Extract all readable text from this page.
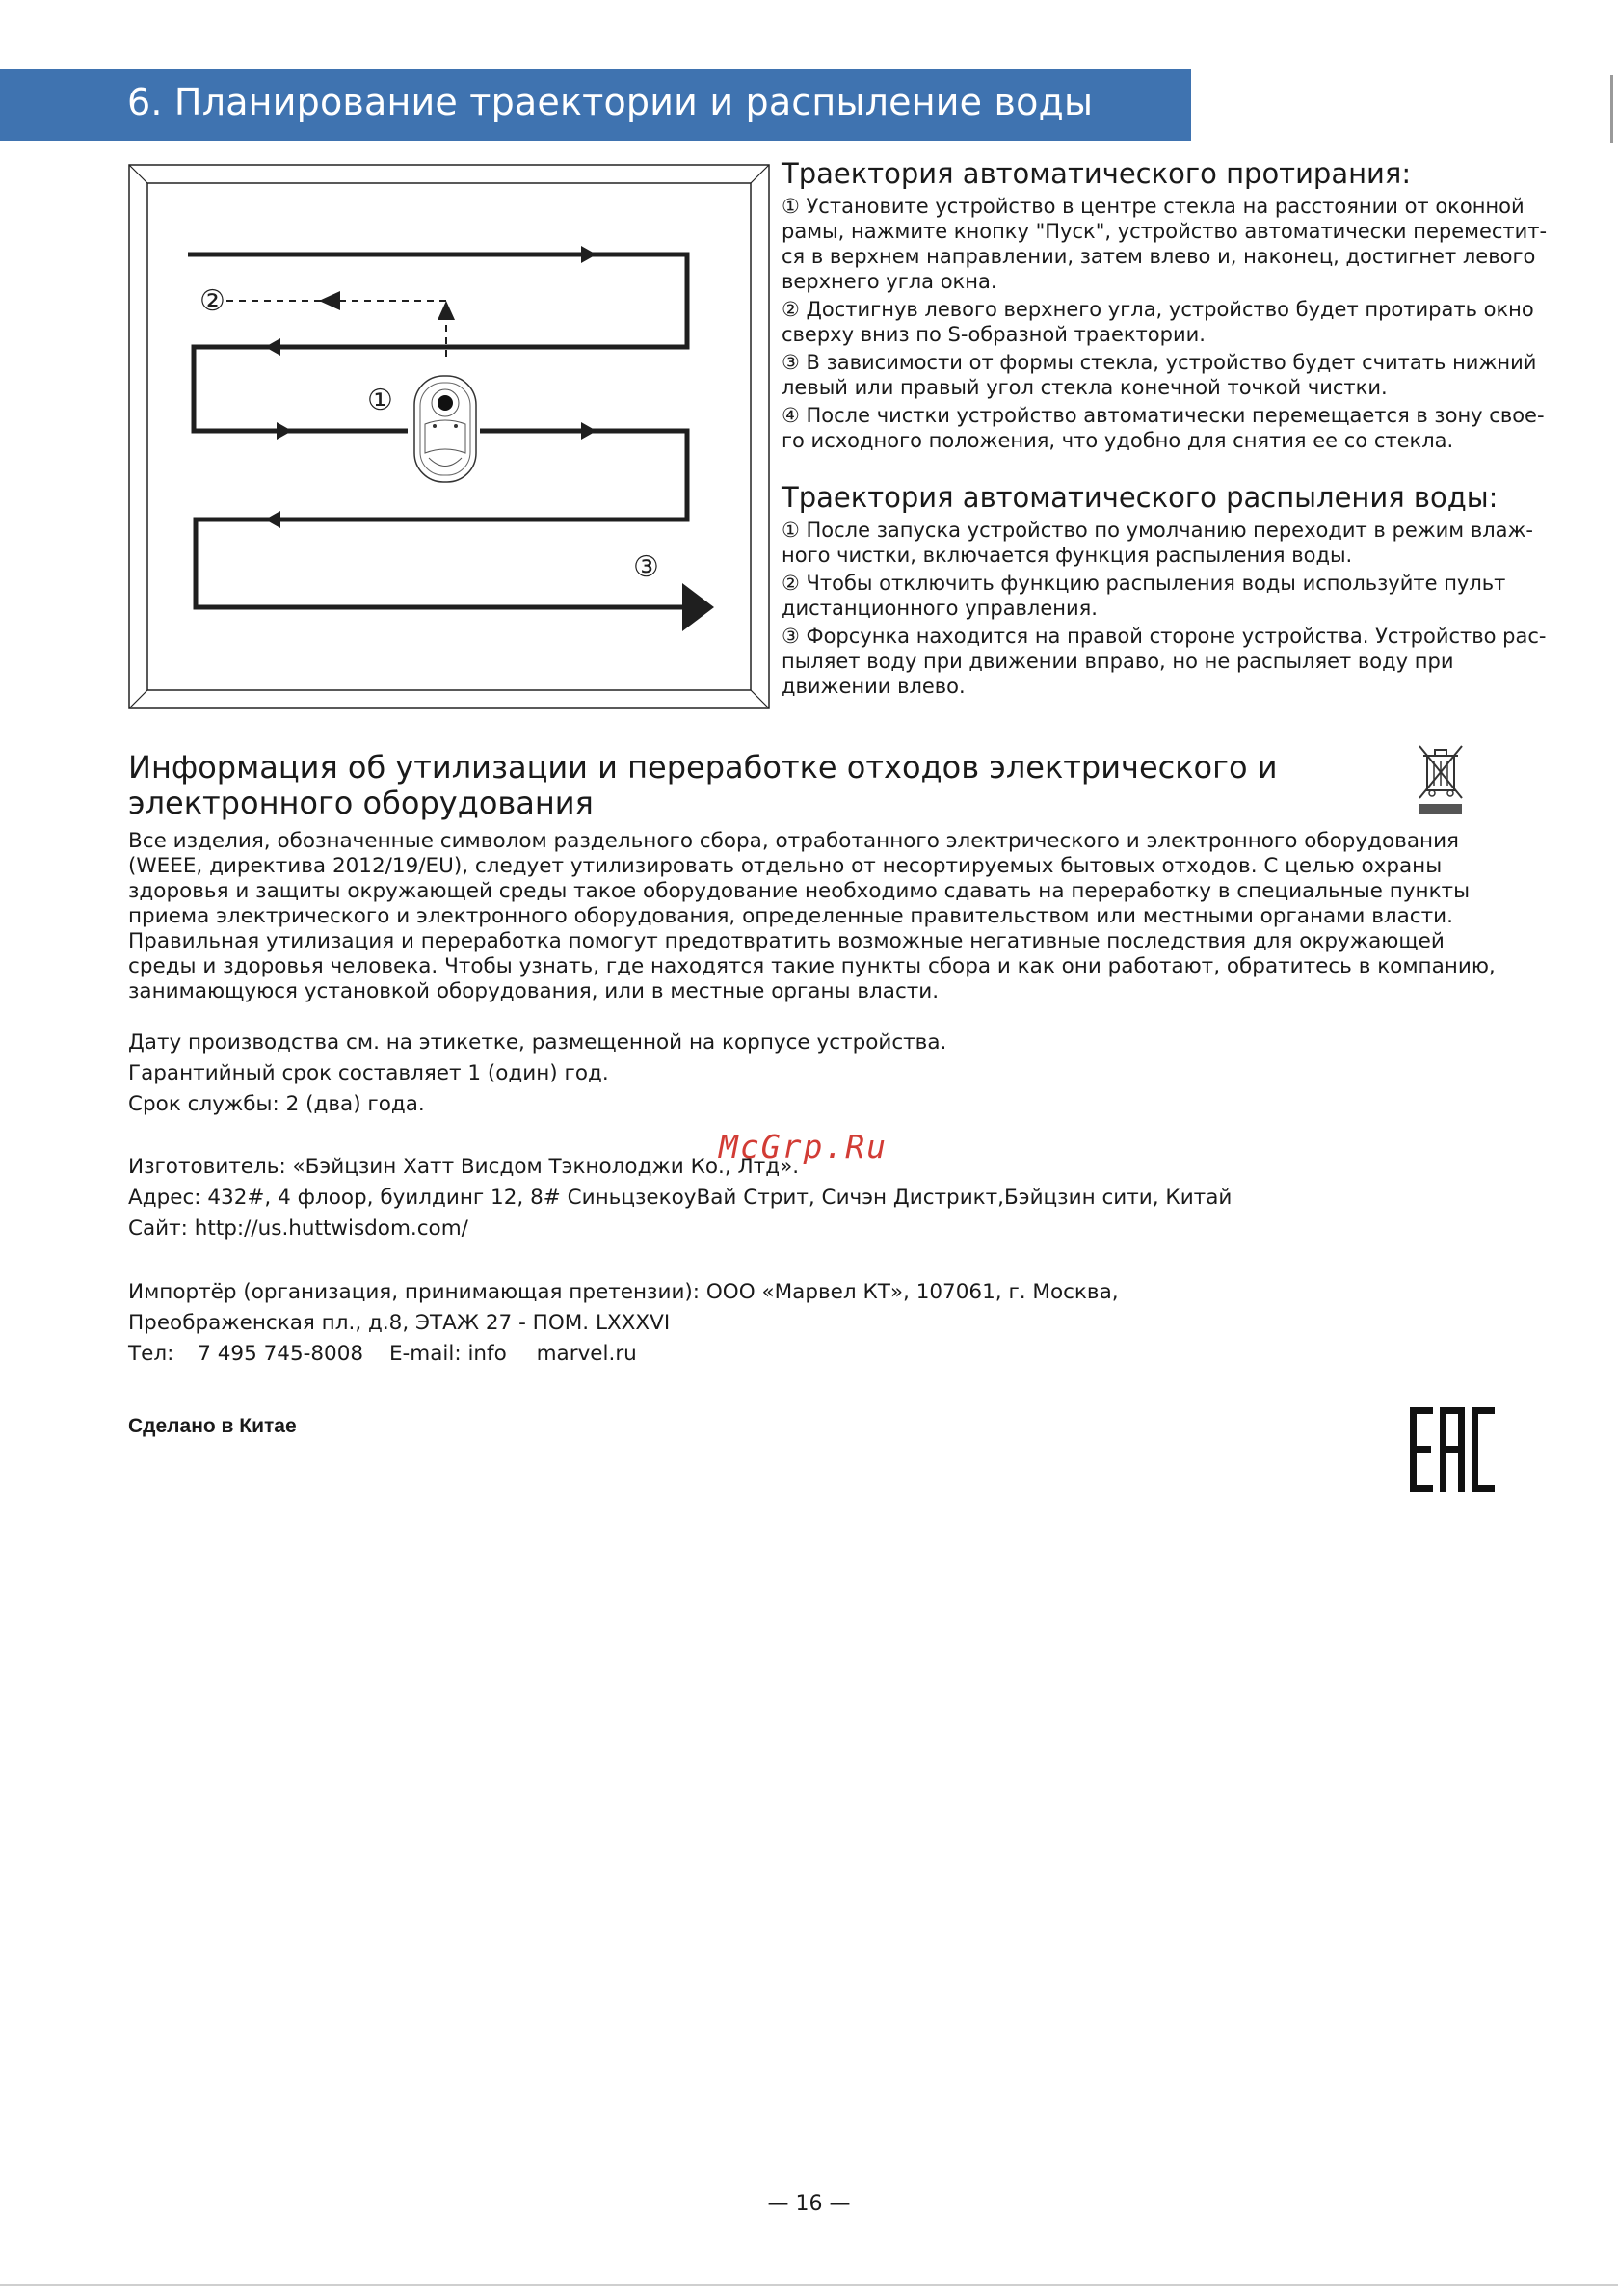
6. Планирование траектории и распыление воды
②
①
③
Траектория автоматического протирания:

① Установите устройство в центре стекла на расстоянии от оконной рамы, нажмите кнопку "Пуск", устройство автоматически переместит-ся в верхнем направлении, затем влево и, наконец, достигнет левого верхнего угла окна.

② Достигнув левого верхнего угла, устройство будет протирать окно сверху вниз по S-образной траектории.

③ В зависимости от формы стекла, устройство будет считать нижний левый или правый угол стекла конечной точкой чистки.

④ После чистки устройство автоматически перемещается в зону свое-го исходного положения, что удобно для снятия ее со стекла.

Траектория автоматического распыления воды:

① После запуска устройство по умолчанию переходит в режим влаж-ного чистки, включается функция распыления воды.

② Чтобы отключить функцию распыления воды используйте пульт дистанционного управления.

③ Форсунка находится на правой стороне устройства. Устройство рас-пыляет воду при движении вправо, но не распыляет воду при движении влево.

Информация об утилизации и переработке отходов электрического и электронного оборудования
Все изделия, обозначенные символом раздельного сбора, отработанного электрического и электронного оборудования (WEEE, директива 2012/19/EU), следует утилизировать отдельно от несортируемых бытовых отходов. С целью охраны здоровья и защиты окружающей среды такое оборудование необходимо сдавать на переработку в специальные пункты приема электрического и электронного оборудования, определенные правительством или местными органами власти. Правильная утилизация и переработка помогут предотвратить возможные негативные последствия для окружающей среды и здоровья человека. Чтобы узнать, где находятся такие пункты сбора и как они работают, обратитесь в компанию, занимающуюся установкой оборудования, или в местные органы власти.
Дату производства см. на этикетке, размещенной на корпусе устройства.
Гарантийный срок составляет 1 (один) год.
Срок службы: 2 (два) года.
Изготовитель: «Бэйцзин Хатт Висдом Тэкнолоджи Ко., Лтд».
Адрес: 432#, 4 флоор, буилдинг 12, 8# СиньцзекоуВай Стрит, Сичэн Дистрикт,Бэйцзин сити, Китай
Сайт: http://us.huttwisdom.com/
Импортёр (организация, принимающая претензии): ООО «Марвел КТ», 107061, г. Москва,
Преображенская пл., д.8, ЭТАЖ 27 - ПОМ. LXXXVI
Тел: 7 495 745-8008 E-mail: info marvel.ru
Сделано в Китае
McGrp.Ru
— 16 —
